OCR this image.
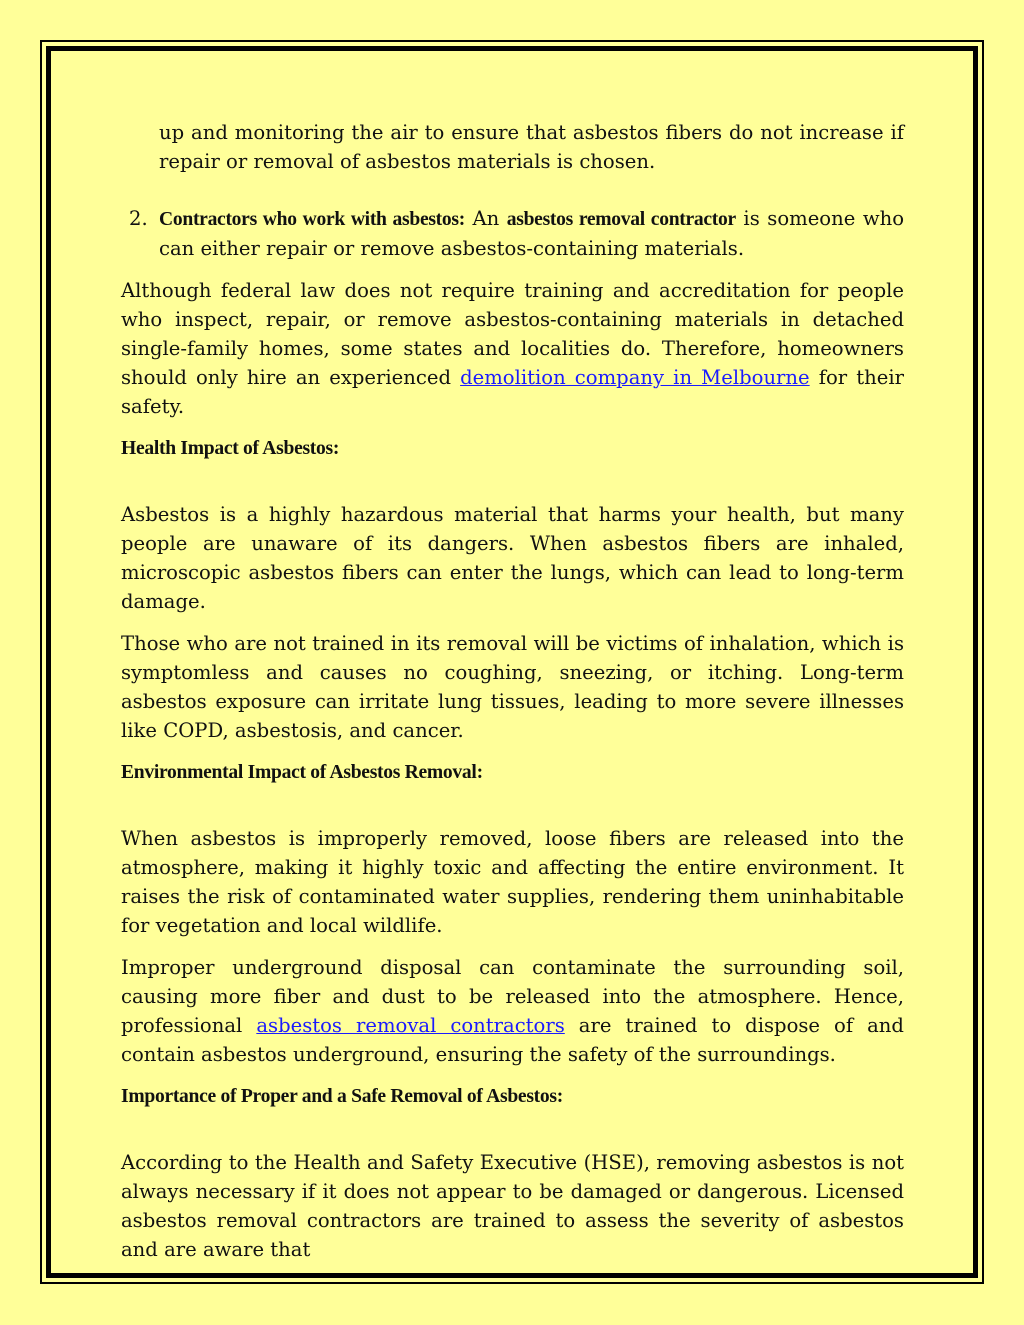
up and monitoring the air to ensure that asbestos fibers do not increase if repair or removal of asbestos materials is chosen.

2. Contractors who work with asbestos: An asbestos removal contractor is someone who can either repair or remove asbestos-containing materials.

Although federal law does not require training and accreditation for people who inspect, repair, or remove asbestos-containing materials in detached single-family homes, some states and localities do. Therefore, homeowners should only hire an experienced demolition company in Melbourne for their safety.

Health Impact of Asbestos:

Asbestos is a highly hazardous material that harms your health, but many people are unaware of its dangers. When asbestos fibers are inhaled, microscopic asbestos fibers can enter the lungs, which can lead to long-term damage.

Those who are not trained in its removal will be victims of inhalation, which is symptomless and causes no coughing, sneezing, or itching. Long-term asbestos exposure can irritate lung tissues, leading to more severe illnesses like COPD, asbestosis, and cancer.

Environmental Impact of Asbestos Removal:

When asbestos is improperly removed, loose fibers are released into the atmosphere, making it highly toxic and affecting the entire environment. It raises the risk of contaminated water supplies, rendering them uninhabitable for vegetation and local wildlife.

Improper underground disposal can contaminate the surrounding soil, causing more fiber and dust to be released into the atmosphere. Hence, professional asbestos removal contractors are trained to dispose of and contain asbestos underground, ensuring the safety of the surroundings.

Importance of Proper and a Safe Removal of Asbestos:

According to the Health and Safety Executive (HSE), removing asbestos is not always necessary if it does not appear to be damaged or dangerous. Licensed asbestos removal contractors are trained to assess the severity of asbestos and are aware that
